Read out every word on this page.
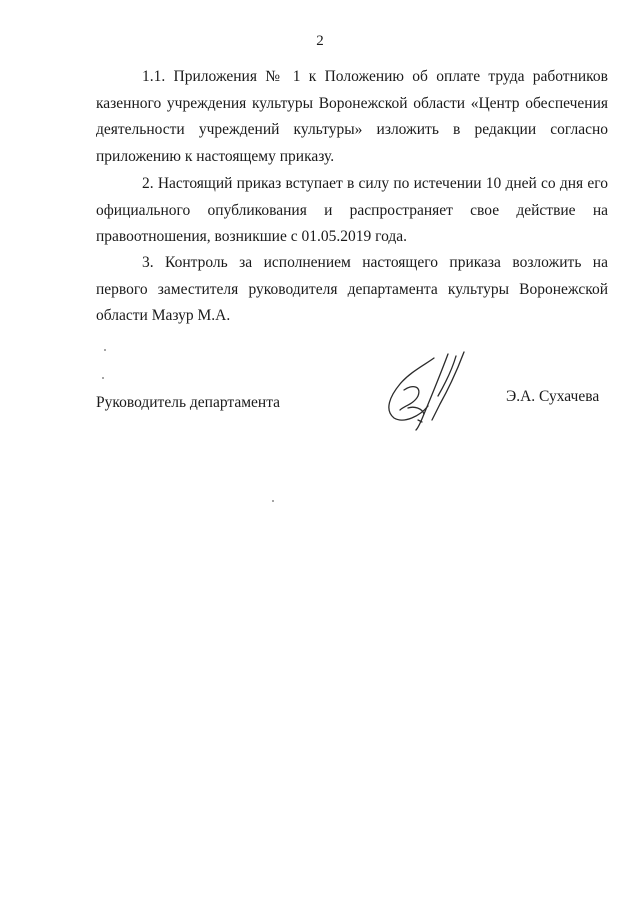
2
1.1. Приложения № 1 к Положению об оплате труда работников казенного учреждения культуры Воронежской области «Центр обеспечения деятельности учреждений культуры» изложить в редакции согласно приложению к настоящему приказу.
2. Настоящий приказ вступает в силу по истечении 10 дней со дня его официального опубликования и распространяет свое действие на правоотношения, возникшие с 01.05.2019 года.
3. Контроль за исполнением настоящего приказа возложить на первого заместителя руководителя департамента культуры Воронежской области Мазур М.А.
Руководитель департамента	Э.А. Сухачева
